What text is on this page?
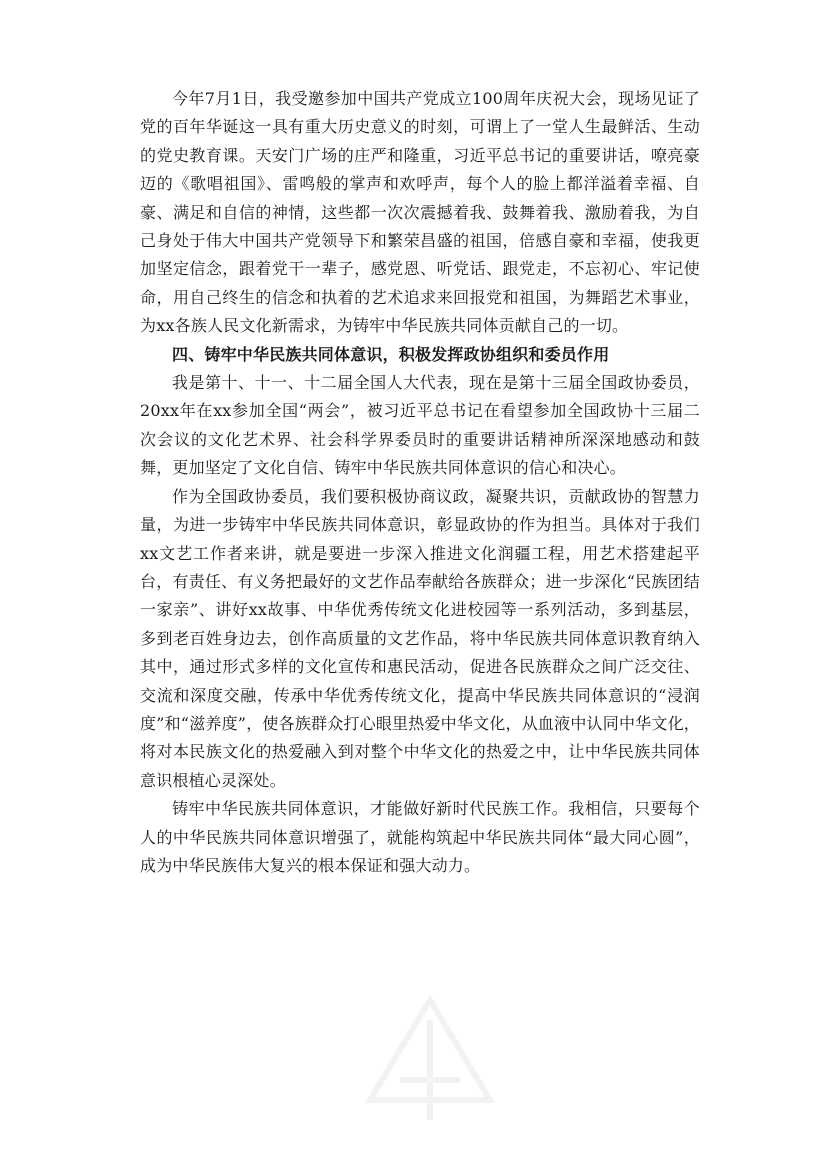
今年7月1日，我受邀参加中国共产党成立100周年庆祝大会，现场见证了党的百年华诞这一具有重大历史意义的时刻，可谓上了一堂人生最鲜活、生动的党史教育课。天安门广场的庄严和隆重，习近平总书记的重要讲话，嘹亮豪迈的《歌唱祖国》、雷鸣般的掌声和欢呼声，每个人的脸上都洋溢着幸福、自豪、满足和自信的神情，这些都一次次震撼着我、鼓舞着我、激励着我，为自己身处于伟大中国共产党领导下和繁荣昌盛的祖国，倍感自豪和幸福，使我更加坚定信念，跟着党干一辈子，感党恩、听党话、跟党走，不忘初心、牢记使命，用自己终生的信念和执着的艺术追求来回报党和祖国，为舞蹈艺术事业，为xx各族人民文化新需求，为铸牢中华民族共同体贡献自己的一切。

四、铸牢中华民族共同体意识，积极发挥政协组织和委员作用

我是第十、十一、十二届全国人大代表，现在是第十三届全国政协委员，20xx年在xx参加全国“两会”，被习近平总书记在看望参加全国政协十三届二次会议的文化艺术界、社会科学界委员时的重要讲话精神所深深地感动和鼓舞，更加坚定了文化自信、铸牢中华民族共同体意识的信心和决心。

作为全国政协委员，我们要积极协商议政，凝聚共识，贡献政协的智慧力量，为进一步铸牢中华民族共同体意识，彰显政协的作为担当。具体对于我们xx文艺工作者来讲，就是要进一步深入推进文化润疆工程，用艺术搭建起平台，有责任、有义务把最好的文艺作品奉献给各族群众；进一步深化“民族团结一家亲”、讲好xx故事、中华优秀传统文化进校园等一系列活动，多到基层，多到老百姓身边去，创作高质量的文艺作品，将中华民族共同体意识教育纳入其中，通过形式多样的文化宣传和惠民活动，促进各民族群众之间广泛交往、交流和深度交融，传承中华优秀传统文化，提高中华民族共同体意识的“浸润度”和“滋养度”，使各族群众打心眼里热爱中华文化，从血液中认同中华文化，将对本民族文化的热爱融入到对整个中华文化的热爱之中，让中华民族共同体意识根植心灵深处。

铸牢中华民族共同体意识，才能做好新时代民族工作。我相信，只要每个人的中华民族共同体意识增强了，就能构筑起中华民族共同体“最大同心圆”，成为中华民族伟大复兴的根本保证和强大动力。
